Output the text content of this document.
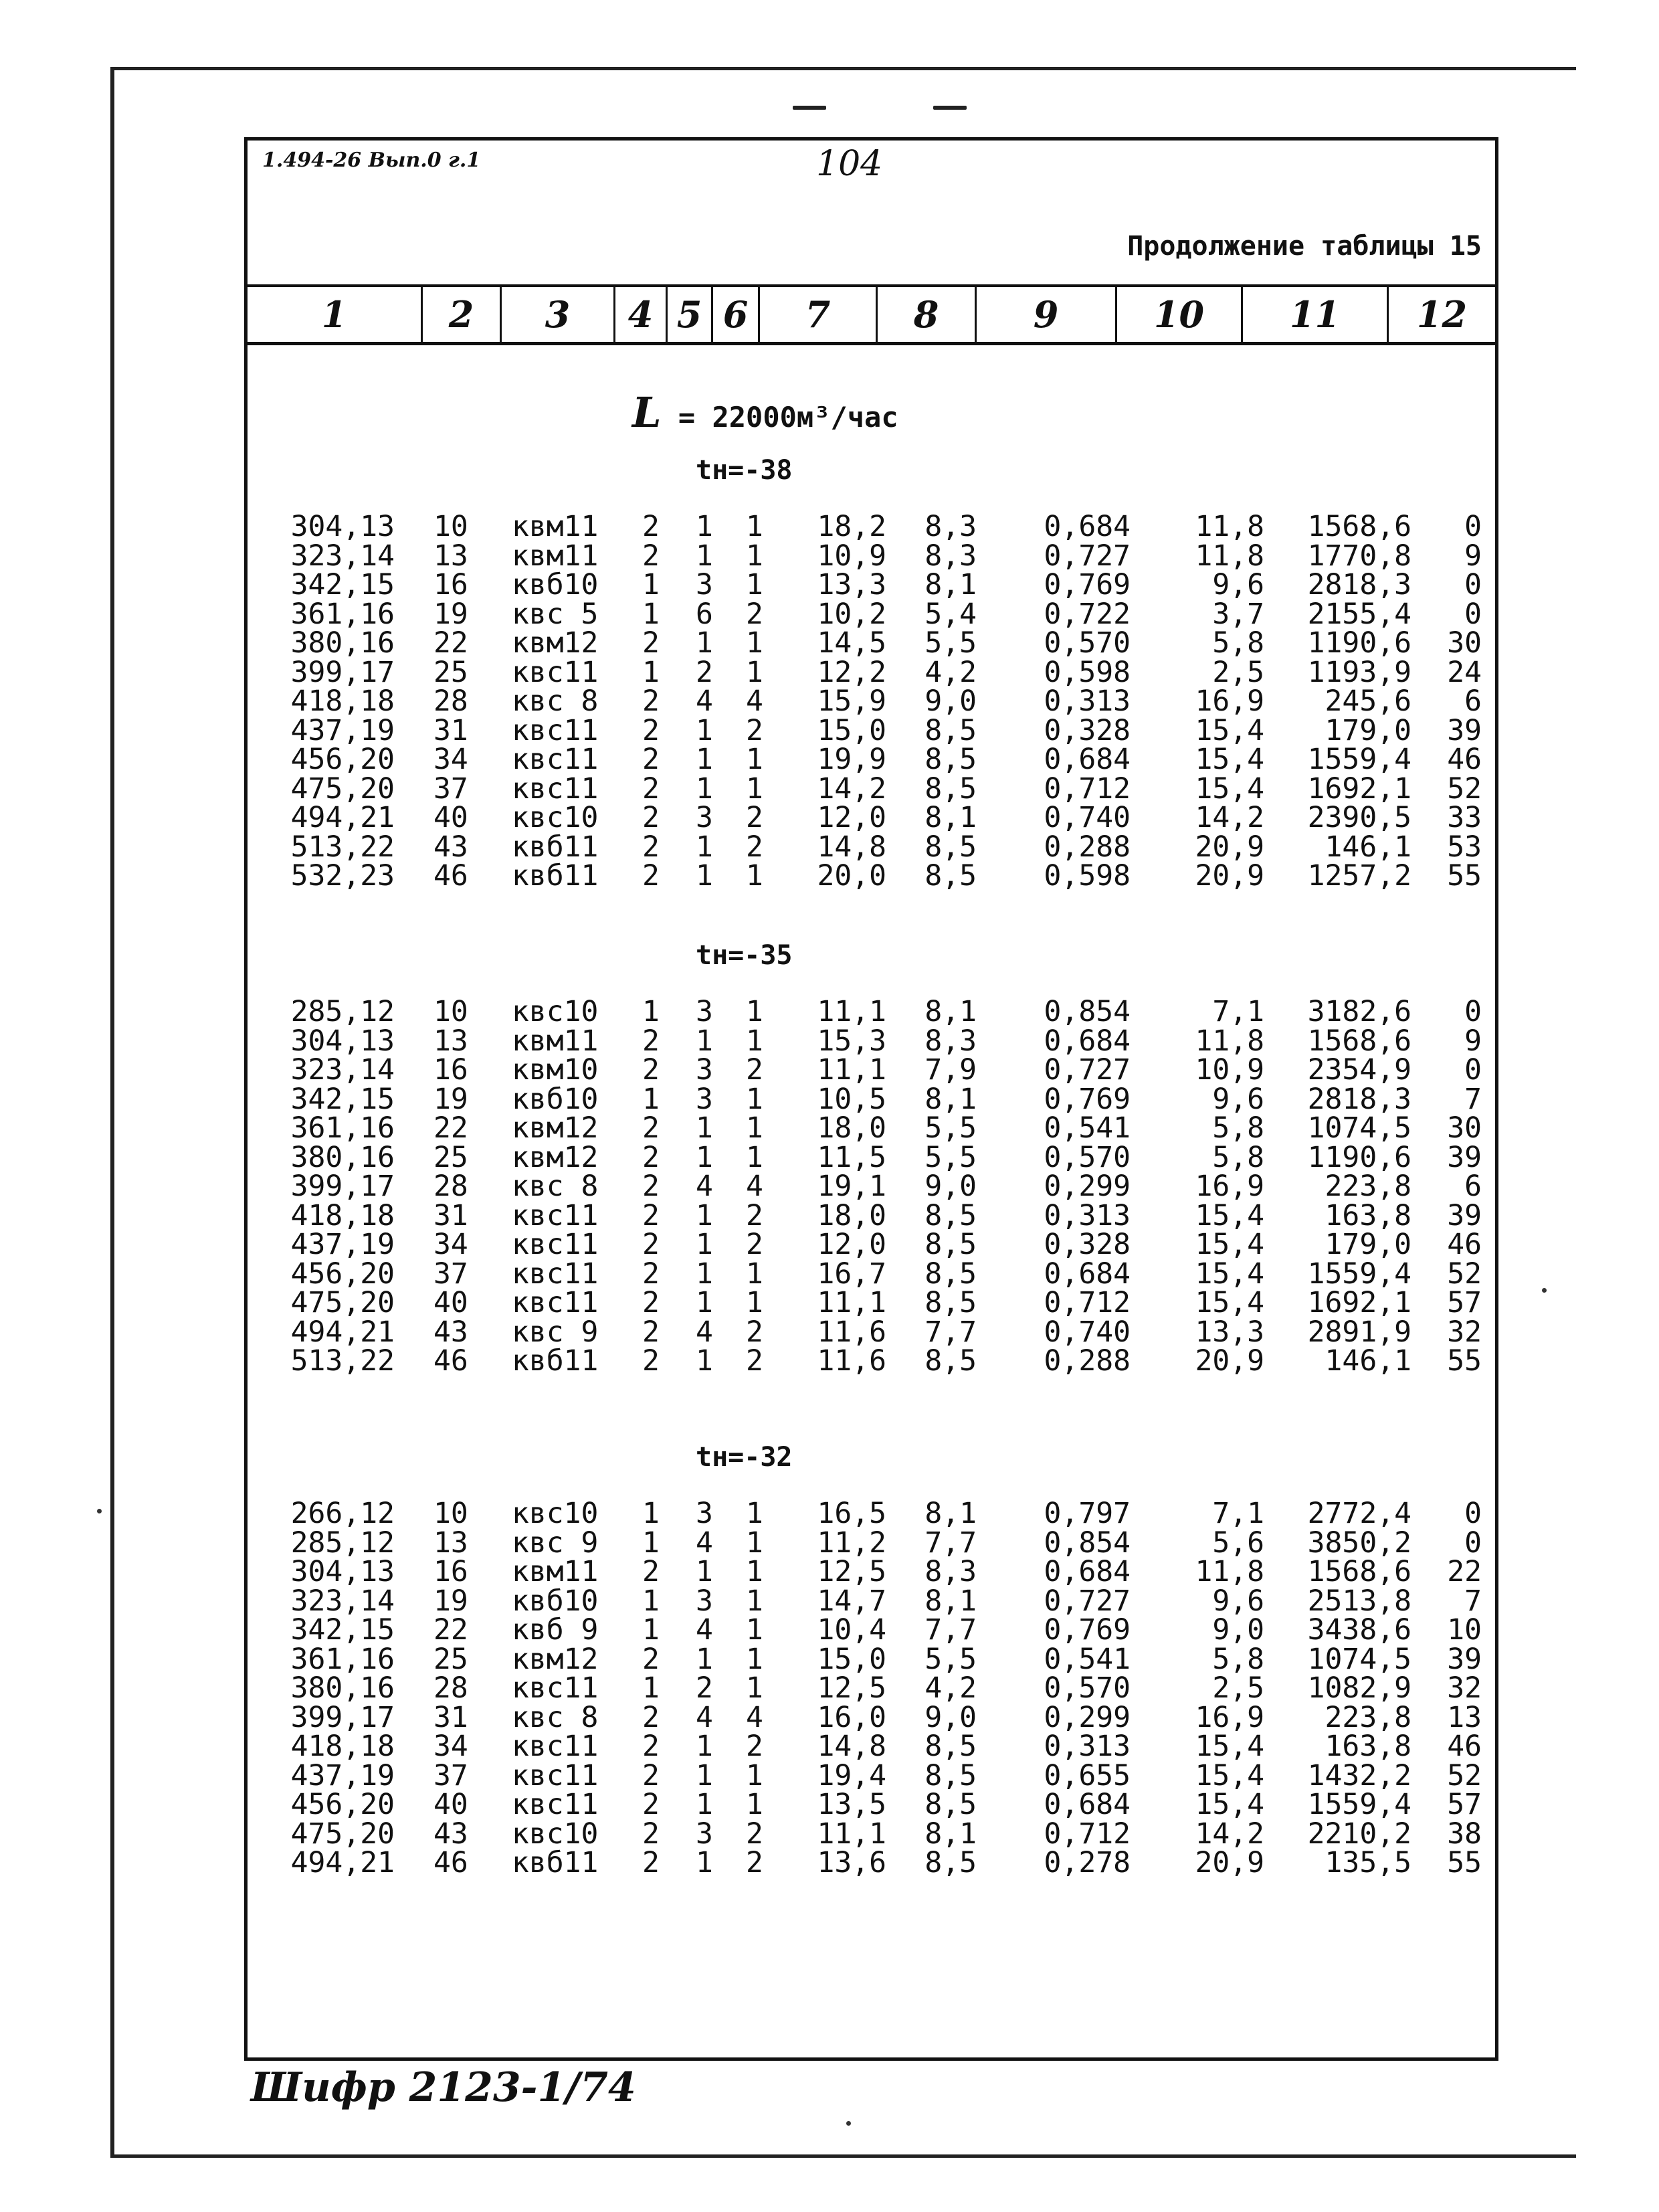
1.494-26 Вып.0 г.1	104
Продолжение таблицы 15
1	2	3	4 5 6	7	8	9	10	11	12
L = 22000м³/час
tн=-38
304,13 10 квм11 2 1 1 18,2 8,3 0,684 11,8 1568,6 0
323,14 13 квм11 2 1 1 10,9 8,3 0,727 11,8 1770,8 9
342,15 16 квб10 1 3 1 13,3 8,1 0,769	9,6 2818,3 0
361,16 19 квс 5 1 6 2 10,2 5,4 0,722	3,7 2155,4 0
380,16 22 квм12 2 1 1 14,5 5,5 0,570	5,8 1190,6 30
399,17 25 квс11 1 2 1 12,2 4,2 0,598	2,5 1193,9 24
418,18 28 квс 8 2 4 4 15,9 9,0 0,313 16,9 245,6 6
437,19 31 квс11 2 1 2 15,0 8,5 0,328 15,4 179,0 39
456,20 34 квс11 2 1 1 19,9 8,5 0,684 15,4 1559,4 46
475,20 37 квс11 2 1 1 14,2 8,5 0,712 15,4 1692,1 52
494,21 40 квс10 2 3 2 12,0 8,1 0,740 14,2 2390,5 33
513,22 43 квб11 2 1 2 14,8 8,5 0,288 20,9 146,1 53
532,23 46 квб11 2 1 1 20,0 8,5 0,598 20,9 1257,2 55
tн=-35
285,12 10 квс10 1 3 1 11,1 8,1 0,854	7,1 3182,6 0
304,13 13 квм11 2 1 1 15,3 8,3 0,684 11,8 1568,6 9
323,14 16 квм10 2 3 2 11,1 7,9 0,727 10,9 2354,9 0
342,15 19 квб10 1 3 1 10,5 8,1 0,769	9,6 2818,3 7
361,16 22 квм12 2 1 1 18,0 5,5 0,541	5,8 1074,5 30
380,16 25 квм12 2 1 1 11,5 5,5 0,570	5,8 1190,6 39
399,17 28 квс 8 2 4 4 19,1 9,0 0,299 16,9 223,8 6
418,18 31 квс11 2 1 2 18,0 8,5 0,313 15,4 163,8 39
437,19 34 квс11 2 1 2 12,0 8,5 0,328 15,4 179,0 46
456,20 37 квс11 2 1 1 16,7 8,5 0,684 15,4 1559,4 52
475,20 40 квс11 2 1 1 11,1 8,5 0,712 15,4 1692,1 57
494,21 43 квс 9 2 4 2 11,6 7,7 0,740 13,3 2891,9 32
513,22 46 квб11 2 1 2 11,6 8,5 0,288 20,9 146,1 55
tн=-32
266,12 10 квс10 1 3 1 16,5 8,1 0,797	7,1 2772,4 0
285,12 13 квс 9 1 4 1 11,2 7,7 0,854	5,6 3850,2 0
304,13 16 квм11 2 1 1 12,5 8,3 0,684 11,8 1568,6 22
323,14 19 квб10 1 3 1 14,7 8,1 0,727	9,6 2513,8 7
342,15 22 квб 9 1 4 1 10,4 7,7 0,769	9,0 3438,6 10
361,16 25 квм12 2 1 1 15,0 5,5 0,541	5,8 1074,5 39
380,16 28 квс11 1 2 1 12,5 4,2 0,570	2,5 1082,9 32
399,17 31 квс 8 2 4 4 16,0 9,0 0,299 16,9 223,8 13
418,18 34 квс11 2 1 2 14,8 8,5 0,313 15,4 163,8 46
437,19 37 квс11 2 1 1 19,4 8,5 0,655 15,4 1432,2 52
456,20 40 квс11 2 1 1 13,5 8,5 0,684 15,4 1559,4 57
475,20 43 квс10 2 3 2 11,1 8,1 0,712 14,2 2210,2 38
494,21 46 квб11 2 1 2 13,6 8,5 0,278 20,9 135,5 55
Шифр 2123-1/74
